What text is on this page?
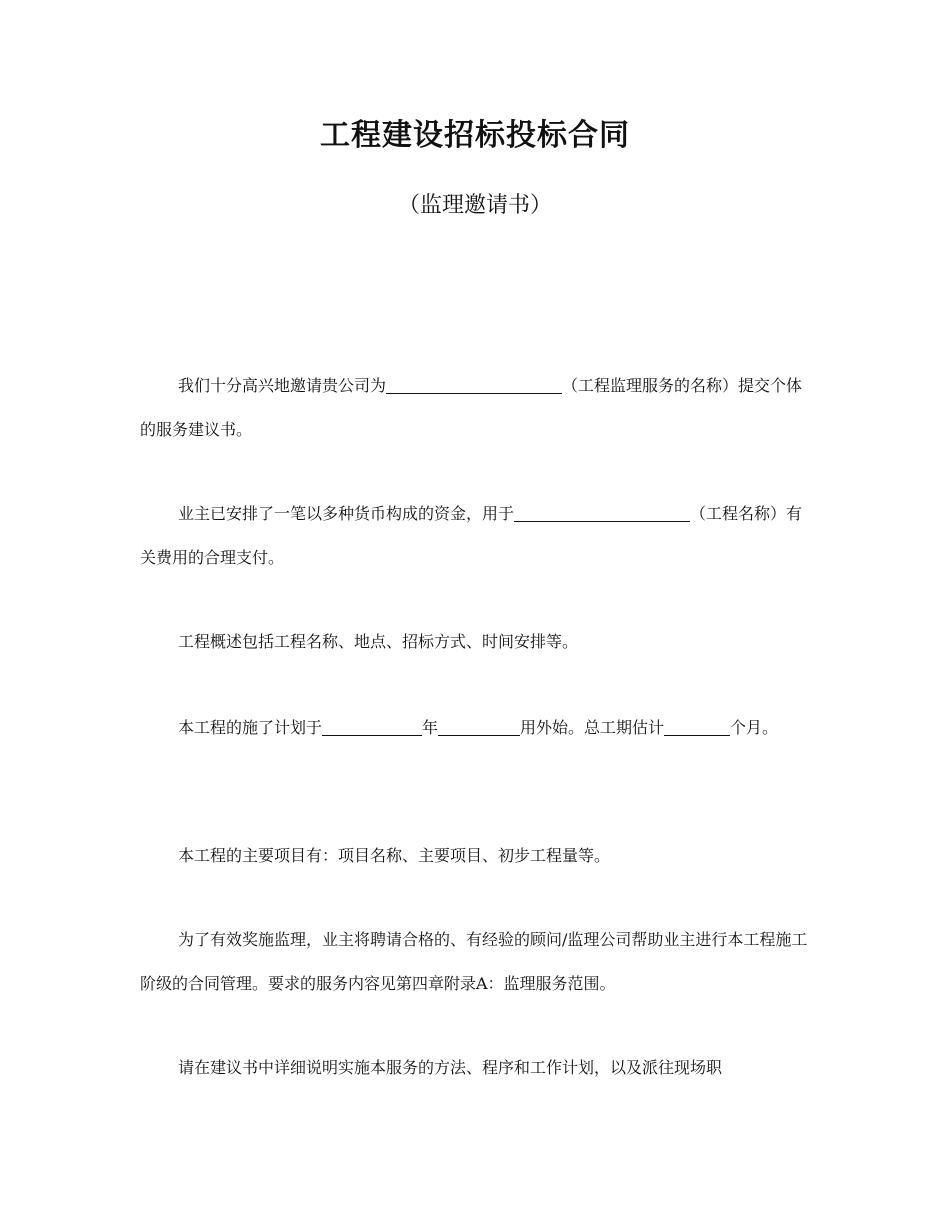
工程建设招标投标合同
（监理邀请书）
我们十分高兴地邀请贵公司为	（工程监理服务的名称）提交个体的服务建议书。
业主已安排了一笔以多种货币构成的资金，用于	（工程名称）有关费用的合理支付。
工程概述包括工程名称、地点、招标方式、时间安排等。
本工程的施了计划于	年	用外始。总工期估计	个月。
本工程的主要项目有：项目名称、主要项目、初步工程量等。
为了有效奖施监理，业主将聘请合格的、有经验的顾问/监理公司帮助业主进行本工程施工阶级的合同管理。要求的服务内容见第四章附录A：监理服务范围。
请在建议书中详细说明实施本服务的方法、程序和工作计划，以及派往现场职
